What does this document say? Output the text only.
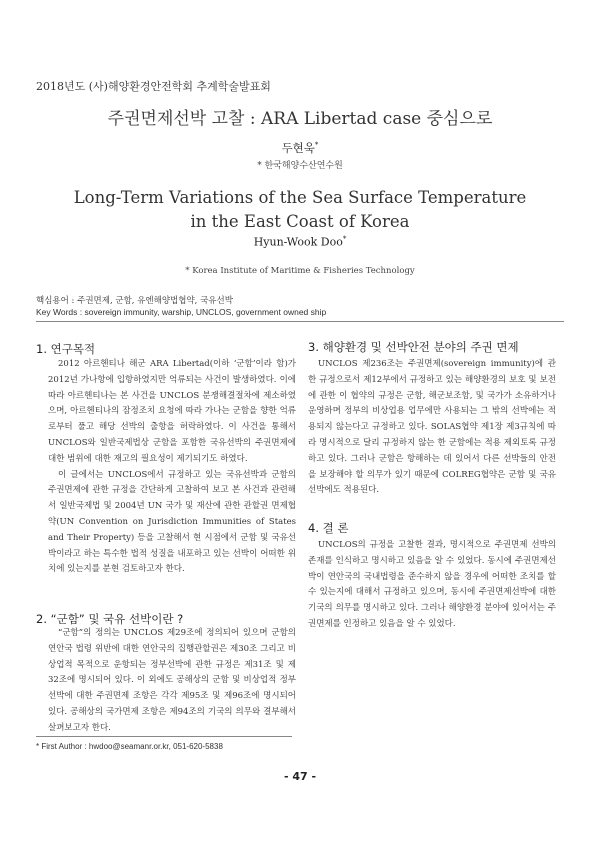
2018년도 (사)해양환경안전학회 추계학술발표회
주권면제선박 고찰 : ARA Libertad case 중심으로
두현욱*
* 한국해양수산연수원
Long-Term Variations of the Sea Surface Temperature
in the East Coast of Korea
Hyun-Wook Doo*
* Korea Institute of Maritime & Fisheries Technology
핵심용어 : 주권면제, 군함, 유엔해양법협약, 국유선박
Key Words : sovereign immunity, warship, UNCLOS, government owned ship
1. 연구목적

2012 아르헨티나 해군 ARA Libertad(이하 ‘군함’이라 함)가 2012년 가나항에 입항하였지만 억류되는 사건이 발생하였다. 이에 따라 아르헨티나는 본 사건을 UNCLOS 분쟁해결절차에 제소하였으며, 아르헨티나의 잠정조치 요청에 따라 가나는 군함을 향한 억류로부터 풀고 해당 선박의 출항을 허락하였다. 이 사건을 통해서 UNCLOS와 일반국제법상 군함을 포함한 국유선박의 주권면제에 대한 범위에 대한 재고의 필요성이 제기되기도 하였다.

이 글에서는 UNCLOS에서 규정하고 있는 국유선박과 군함의 주권면제에 관한 규정을 간단하게 고찰하여 보고 본 사건과 관련해서 일반국제법 및 2004년 UN 국가 및 재산에 관한 관할권 면제협약(UN Convention on Jurisdiction Immunities of States and Their Property) 등을 고찰해서 현 시점에서 군함 및 국유선박이라고 하는 특수한 법적 성질을 내포하고 있는 선박이 어떠한 위치에 있는지를 분현 검토하고자 한다.

2. “군함” 및 국유 선박이란 ?

“군함”의 정의는 UNCLOS 제29조에 정의되어 있으며 군함의 연안국 법령 위반에 대한 연안국의 집행관할권은 제30조 그리고 비상업적 목적으로 운항되는 정부선박에 관한 규정은 제31조 및 제32조에 명시되어 있다. 이 외에도 공해상의 군함 및 비상업적 정부선박에 대한 주권면제 조항은 각각 제95조 및 제96조에 명시되어 있다. 공해상의 국가면제 조항은 제94조의 기국의 의무와 결부해서 살펴보고자 한다.

3. 해양환경 및 선박안전 분야의 주권 면제

UNCLOS 제236조는 주권면제(sovereign immunity)에 관한 규정으로서 제12부에서 규정하고 있는 해양환경의 보호 및 보전에 관한 이 협약의 규정은 군함, 해군보조함, 및 국가가 소유하거나 운영하며 정부의 비상업용 업무에만 사용되는 그 밖의 선박에는 적용되지 않는다고 규정하고 있다. SOLAS협약 제1장 제3규칙에 따라 명시적으로 달리 규정하지 않는 한 군함에는 적용 제외토록 규정하고 있다. 그러나 군함은 항해하는 데 있어서 다른 선박들의 안전을 보장해야 할 의무가 있기 때문에 COLREG협약은 군함 및 국유선박에도 적용된다.

4. 결 론

UNCLOS의 규정을 고찰한 결과, 명시적으로 주권면제 선박의 존재를 인식하고 명시하고 있음을 알 수 있었다. 동시에 주권면제선박이 연안국의 국내법령을 준수하지 않을 경우에 어떠한 조치를 할 수 있는지에 대해서 규정하고 있으며, 동시에 주권면제선박에 대한 기국의 의무를 명시하고 있다. 그러나 해양환경 분야에 있어서는 주권면제를 인정하고 있음을 알 수 있었다.

* First Author : hwdoo@seamanr.or.kr, 051-620-5838
- 47 -
